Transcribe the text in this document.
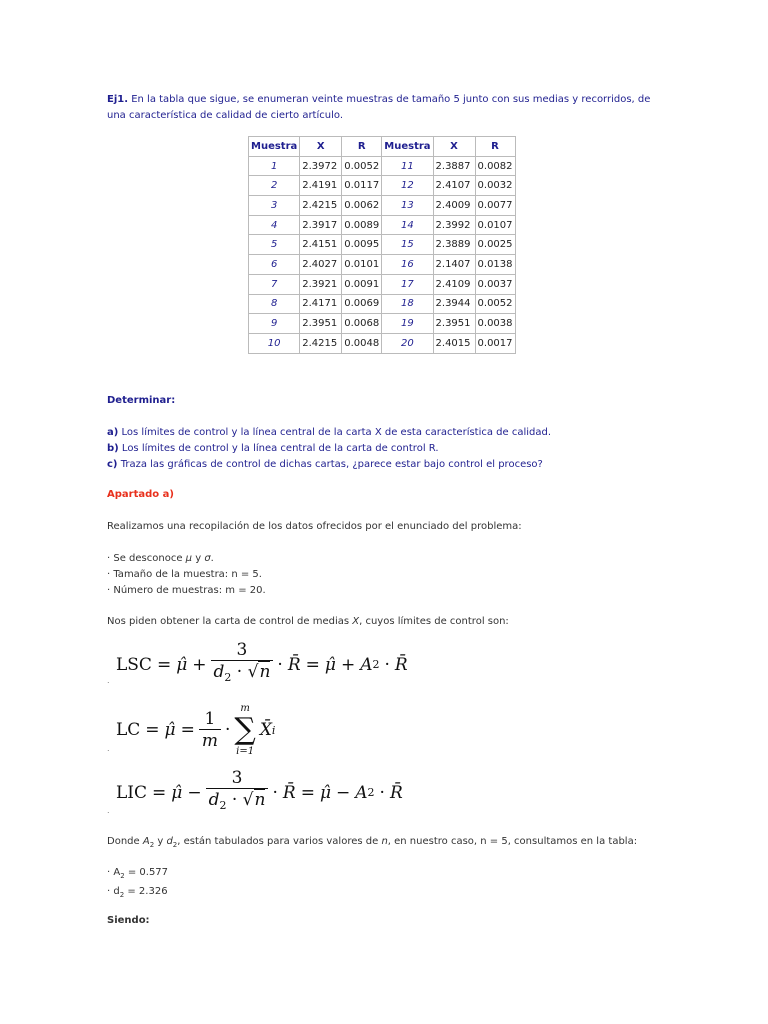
Ej1. En la tabla que sigue, se enumeran veinte muestras de tamaño 5 junto con sus medias y recorridos, de una característica de calidad de cierto artículo.
Muestra	X	R	Muestra	X	R
1	2.3972	0.0052	11	2.3887	0.0082
2	2.4191	0.0117	12	2.4107	0.0032
3	2.4215	0.0062	13	2.4009	0.0077
4	2.3917	0.0089	14	2.3992	0.0107
5	2.4151	0.0095	15	2.3889	0.0025
6	2.4027	0.0101	16	2.1407	0.0138
7	2.3921	0.0091	17	2.4109	0.0037
8	2.4171	0.0069	18	2.3944	0.0052
9	2.3951	0.0068	19	2.3951	0.0038
10	2.4215	0.0048	20	2.4015	0.0017
Determinar:
a) Los límites de control y la línea central de la carta X de esta característica de calidad.
b) Los límites de control y la línea central de la carta de control R.
c) Traza las gráficas de control de dichas cartas, ¿parece estar bajo control el proceso?
Apartado a)
Realizamos una recopilación de los datos ofrecidos por el enunciado del problema:
· Se desconoce μ y σ.
· Tamaño de la muestra: n = 5.
· Número de muestras: m = 20.
Nos piden obtener la carta de control de medias X, cuyos límites de control son:
LSC = μ̂ + $\frac{3}{d_2 \cdot √n}$ · R̄ = μ̂ + A 2 · R̄
.
LC = μ̂ = $\frac{1}{m}$ ·
m
∑
i=1
X̄ i
.
LIC = μ̂ − $\frac{3}{d_2 \cdot √n}$ · R̄ = μ̂ − A 2 · R̄
.
Donde $A_2$ y $d_2$, están tabulados para varios valores de n, en nuestro caso, n = 5, consultamos en la tabla:
· $A_2 = 0.577$
· $d_2 = 2.326$
Siendo:
